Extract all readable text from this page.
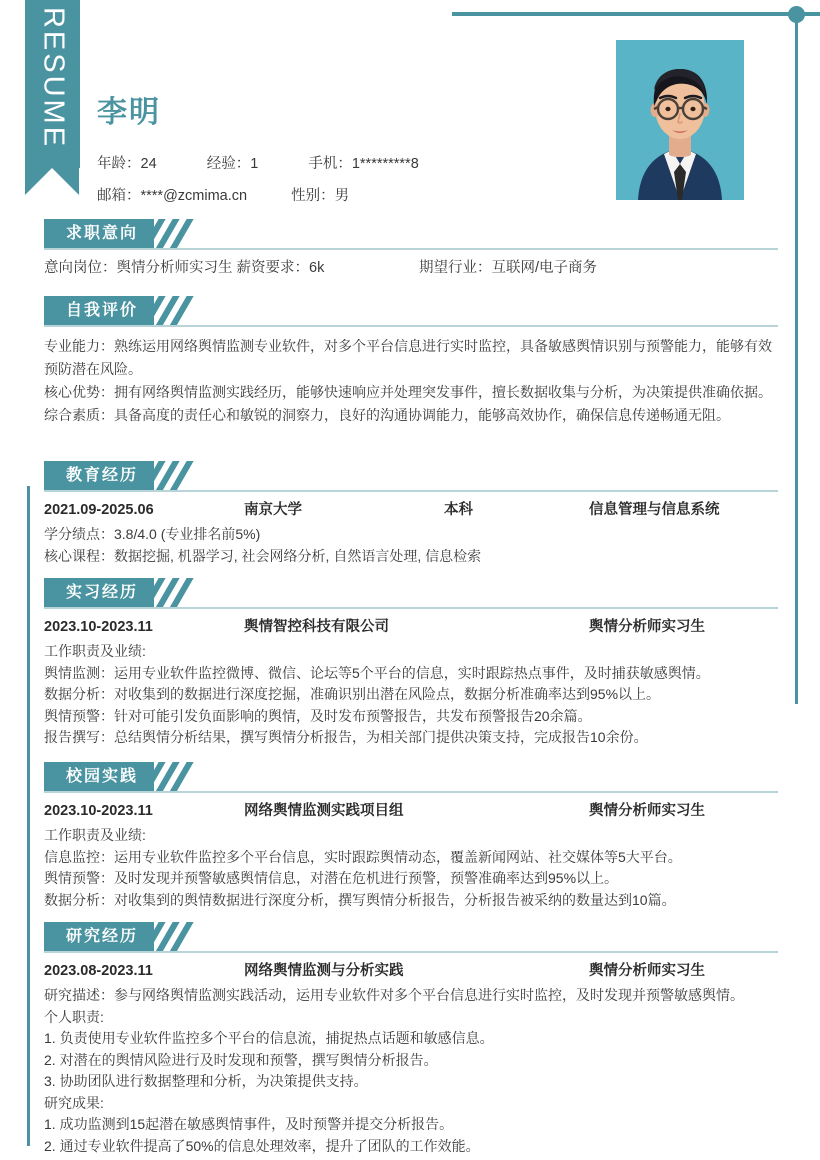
RESUME 李明
年龄：24	经验：1	手机：1*********8
邮箱：****@zcmima.cn	性别：男
求职意向
意向岗位：舆情分析师实习生 薪资要求：6k	期望行业：互联网/电子商务
自我评价
专业能力：熟练运用网络舆情监测专业软件，对多个平台信息进行实时监控，具备敏感舆情识别与预警能力，能够有效预防潜在风险。
核心优势：拥有网络舆情监测实践经历，能够快速响应并处理突发事件，擅长数据收集与分析，为决策提供准确依据。
综合素质：具备高度的责任心和敏锐的洞察力，良好的沟通协调能力，能够高效协作，确保信息传递畅通无阻。
教育经历
2021.09-2025.06	南京大学	本科	信息管理与信息系统
学分绩点：3.8/4.0 (专业排名前5%)
核心课程：数据挖掘, 机器学习, 社会网络分析, 自然语言处理, 信息检索
实习经历
2023.10-2023.11	舆情智控科技有限公司	舆情分析师实习生
工作职责及业绩:
舆情监测：运用专业软件监控微博、微信、论坛等5个平台的信息，实时跟踪热点事件，及时捕获敏感舆情。
数据分析：对收集到的数据进行深度挖掘，准确识别出潜在风险点，数据分析准确率达到95%以上。
舆情预警：针对可能引发负面影响的舆情，及时发布预警报告，共发布预警报告20余篇。
报告撰写：总结舆情分析结果，撰写舆情分析报告，为相关部门提供决策支持，完成报告10余份。
校园实践
2023.10-2023.11	网络舆情监测实践项目组	舆情分析师实习生
工作职责及业绩:
信息监控：运用专业软件监控多个平台信息，实时跟踪舆情动态，覆盖新闻网站、社交媒体等5大平台。
舆情预警：及时发现并预警敏感舆情信息，对潜在危机进行预警，预警准确率达到95%以上。
数据分析：对收集到的舆情数据进行深度分析，撰写舆情分析报告，分析报告被采纳的数量达到10篇。
研究经历
2023.08-2023.11	网络舆情监测与分析实践	舆情分析师实习生
研究描述：参与网络舆情监测实践活动，运用专业软件对多个平台信息进行实时监控，及时发现并预警敏感舆情。
个人职责:
1. 负责使用专业软件监控多个平台的信息流，捕捉热点话题和敏感信息。
2. 对潜在的舆情风险进行及时发现和预警，撰写舆情分析报告。
3. 协助团队进行数据整理和分析，为决策提供支持。
研究成果:
1. 成功监测到15起潜在敏感舆情事件，及时预警并提交分析报告。
2. 通过专业软件提高了50%的信息处理效率，提升了团队的工作效能。
